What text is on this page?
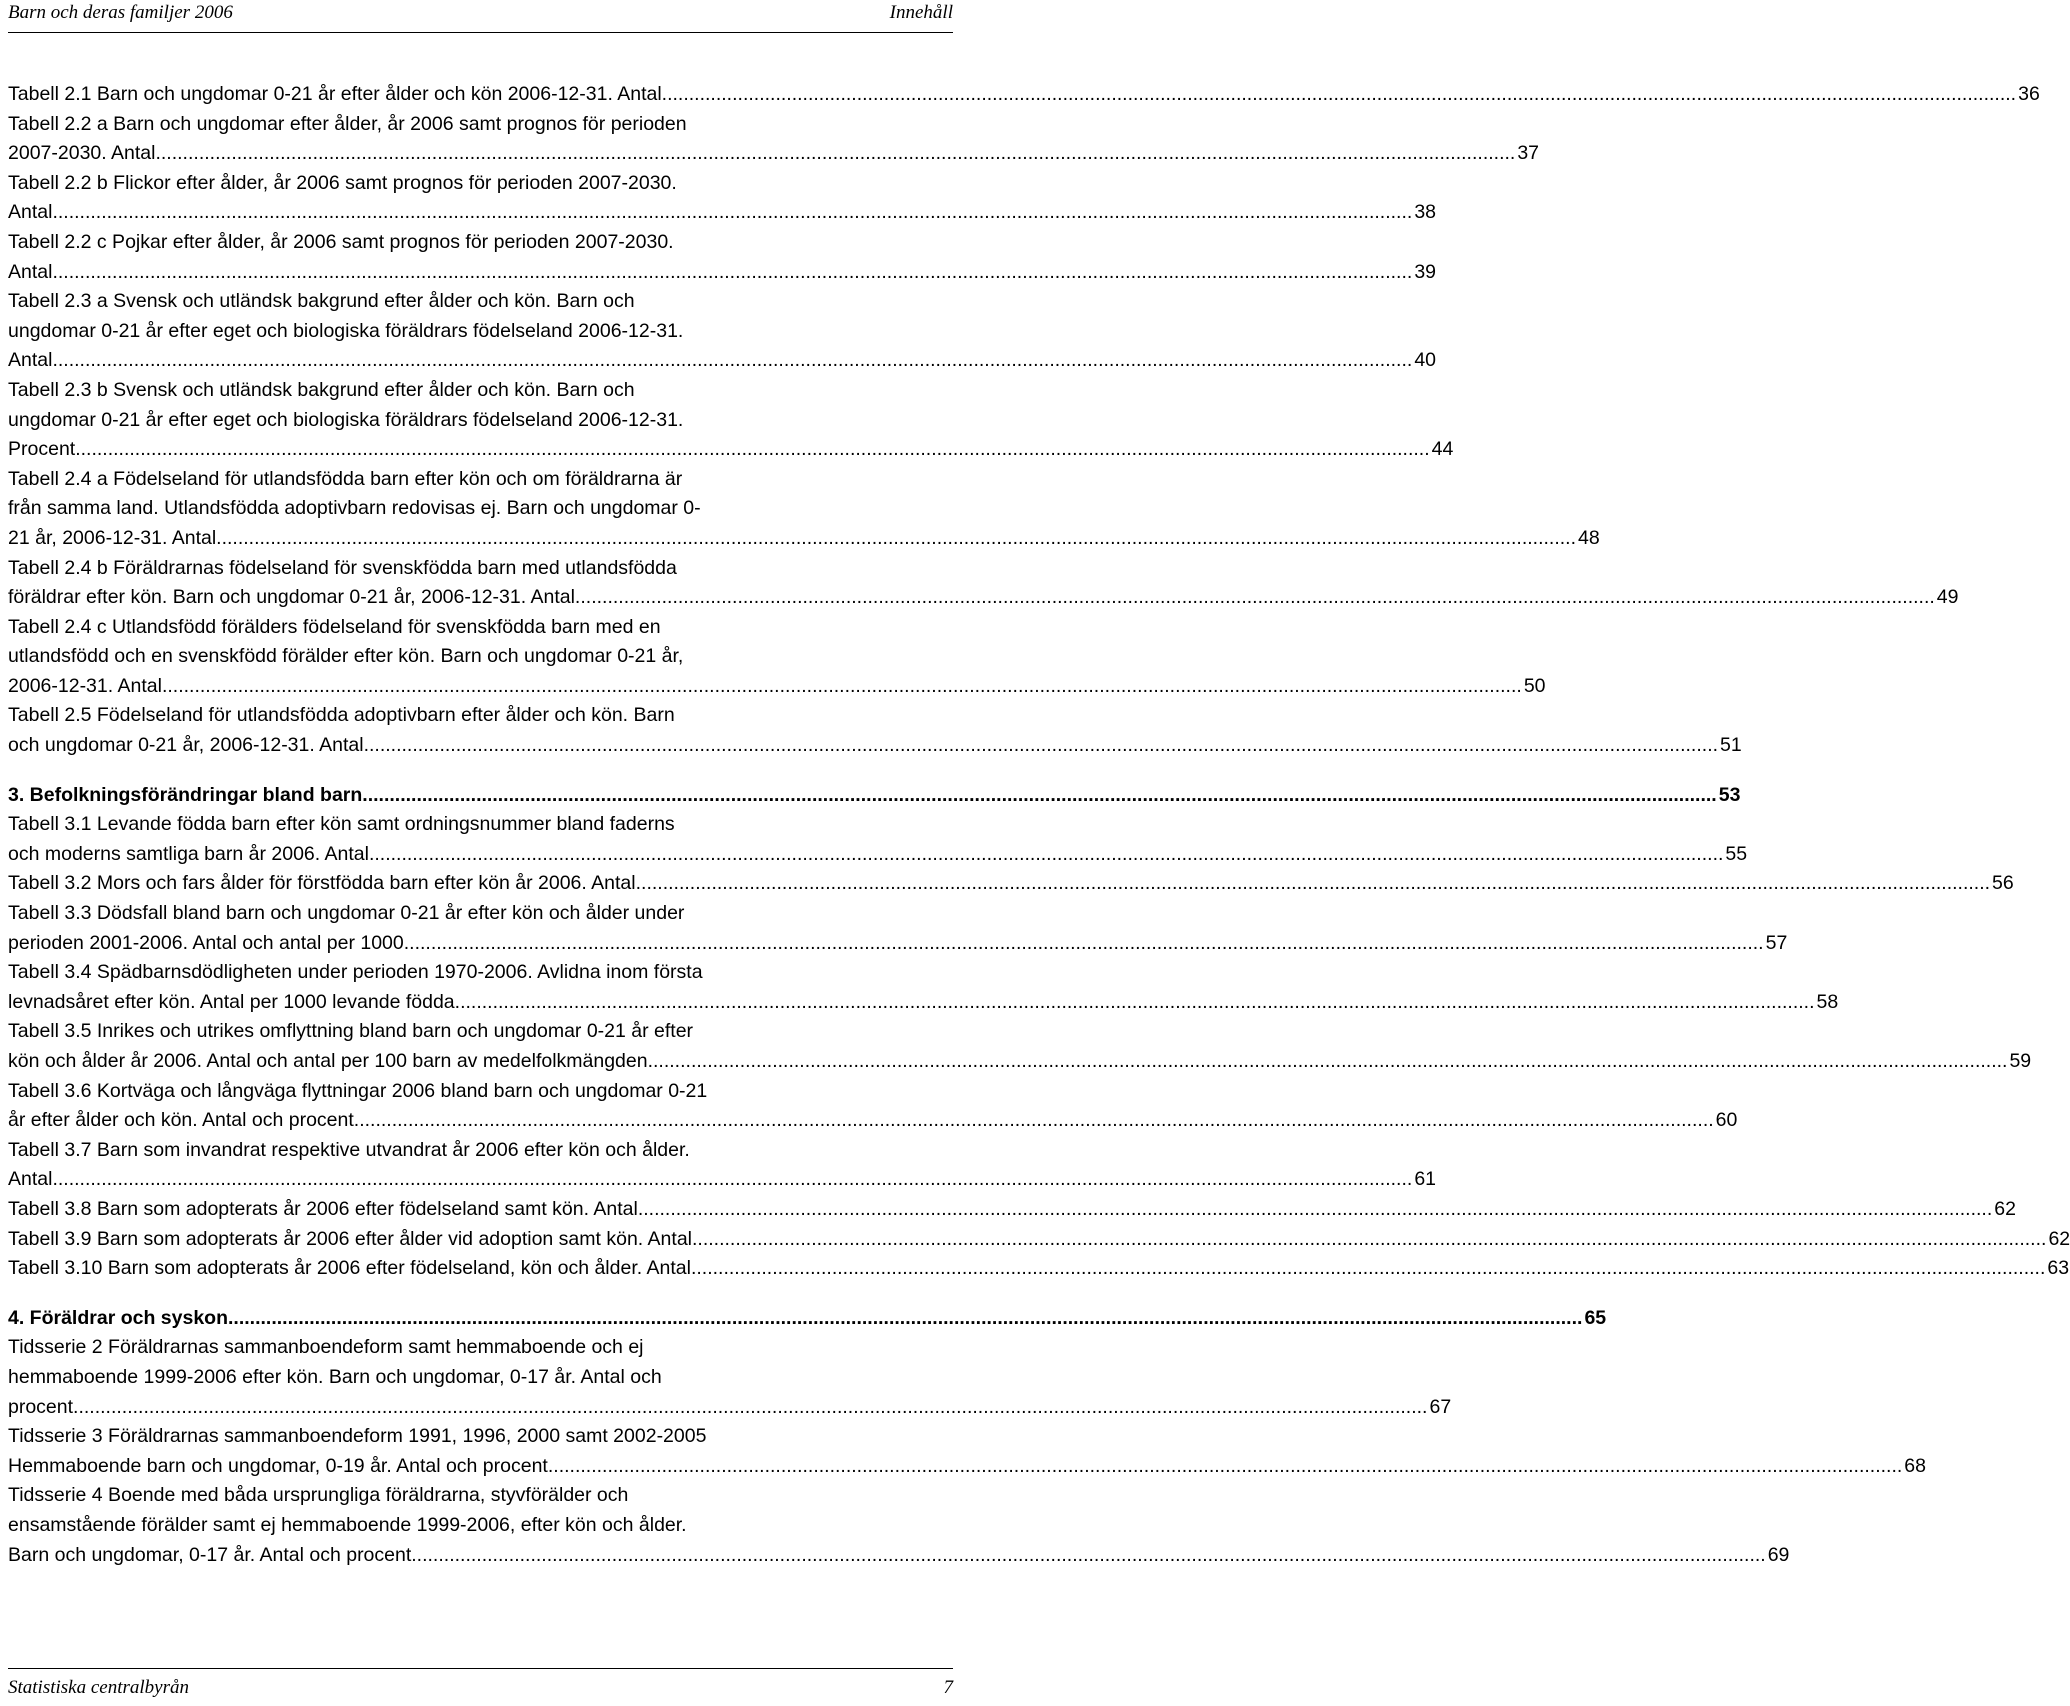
Barn och deras familjer 2006	Innehåll
Tabell 2.1 Barn och ungdomar 0-21 år efter ålder och kön 2006-12-31. Antal .......................................................................................................................................................................................................................................................... 36
Tabell 2.2 a Barn och ungdomar efter ålder, år 2006 samt prognos för perioden
2007-2030. Antal. .......................................................................................................................................................................................................................................................... 37
Tabell 2.2 b Flickor efter ålder, år 2006 samt prognos för perioden 2007-2030.
Antal. .......................................................................................................................................................................................................................................................... 38
Tabell 2.2 c Pojkar efter ålder, år 2006 samt prognos för perioden 2007-2030.
Antal. .......................................................................................................................................................................................................................................................... 39
Tabell 2.3 a Svensk och utländsk bakgrund efter ålder och kön. Barn och
ungdomar 0-21 år efter eget och biologiska föräldrars födelseland 2006-12-31.
Antal. .......................................................................................................................................................................................................................................................... 40
Tabell 2.3 b Svensk och utländsk bakgrund efter ålder och kön. Barn och
ungdomar 0-21 år efter eget och biologiska föräldrars födelseland 2006-12-31.
Procent .......................................................................................................................................................................................................................................................... 44
Tabell 2.4 a Födelseland för utlandsfödda barn efter kön och om föräldrarna är
från samma land. Utlandsfödda adoptivbarn redovisas ej. Barn och ungdomar 0-
21 år, 2006-12-31. Antal. .......................................................................................................................................................................................................................................................... 48
Tabell 2.4 b Föräldrarnas födelseland för svenskfödda barn med utlandsfödda
föräldrar efter kön. Barn och ungdomar 0-21 år, 2006-12-31. Antal. .......................................................................................................................................................................................................................................................... 49
Tabell 2.4 c Utlandsfödd förälders födelseland för svenskfödda barn med en
utlandsfödd och en svenskfödd förälder efter kön. Barn och ungdomar 0-21 år,
2006-12-31. Antal. .......................................................................................................................................................................................................................................................... 50
Tabell 2.5 Födelseland för utlandsfödda adoptivbarn efter ålder och kön. Barn
och ungdomar 0-21 år, 2006-12-31. Antal .......................................................................................................................................................................................................................................................... 51
3. Befolkningsförändringar bland barn .......................................................................................................................................................................................................................................................... 53
Tabell 3.1 Levande födda barn efter kön samt ordningsnummer bland faderns
och moderns samtliga barn år 2006. Antal .......................................................................................................................................................................................................................................................... 55
Tabell 3.2 Mors och fars ålder för förstfödda barn efter kön år 2006. Antal .......................................................................................................................................................................................................................................................... 56
Tabell 3.3 Dödsfall bland barn och ungdomar 0-21 år efter kön och ålder under
perioden 2001-2006. Antal och antal per 1000. .......................................................................................................................................................................................................................................................... 57
Tabell 3.4 Spädbarnsdödligheten under perioden 1970-2006. Avlidna inom första
levnadsåret efter kön. Antal per 1000 levande födda. .......................................................................................................................................................................................................................................................... 58
Tabell 3.5 Inrikes och utrikes omflyttning bland barn och ungdomar 0-21 år efter
kön och ålder år 2006. Antal och antal per 100 barn av medelfolkmängden. .......................................................................................................................................................................................................................................................... 59
Tabell 3.6 Kortväga och långväga flyttningar 2006 bland barn och ungdomar 0-21
år efter ålder och kön. Antal och procent. .......................................................................................................................................................................................................................................................... 60
Tabell 3.7 Barn som invandrat respektive utvandrat år 2006 efter kön och ålder.
Antal. .......................................................................................................................................................................................................................................................... 61
Tabell 3.8 Barn som adopterats år 2006 efter födelseland samt kön. Antal .......................................................................................................................................................................................................................................................... 62
Tabell 3.9 Barn som adopterats år 2006 efter ålder vid adoption samt kön. Antal .......................................................................................................................................................................................................................................................... 62
Tabell 3.10 Barn som adopterats år 2006 efter födelseland, kön och ålder. Antal .......................................................................................................................................................................................................................................................... 63
4. Föräldrar och syskon .......................................................................................................................................................................................................................................................... 65
Tidsserie 2 Föräldrarnas sammanboendeform samt hemmaboende och ej
hemmaboende 1999-2006 efter kön. Barn och ungdomar, 0-17 år. Antal och
procent .......................................................................................................................................................................................................................................................... 67
Tidsserie 3 Föräldrarnas sammanboendeform 1991, 1996, 2000 samt 2002-2005
Hemmaboende barn och ungdomar, 0-19 år. Antal och procent .......................................................................................................................................................................................................................................................... 68
Tidsserie 4 Boende med båda ursprungliga föräldrarna, styvförälder och
ensamstående förälder samt ej hemmaboende 1999-2006, efter kön och ålder.
Barn och ungdomar, 0-17 år. Antal och procent .......................................................................................................................................................................................................................................................... 69
Statistiska centralbyrån	7
